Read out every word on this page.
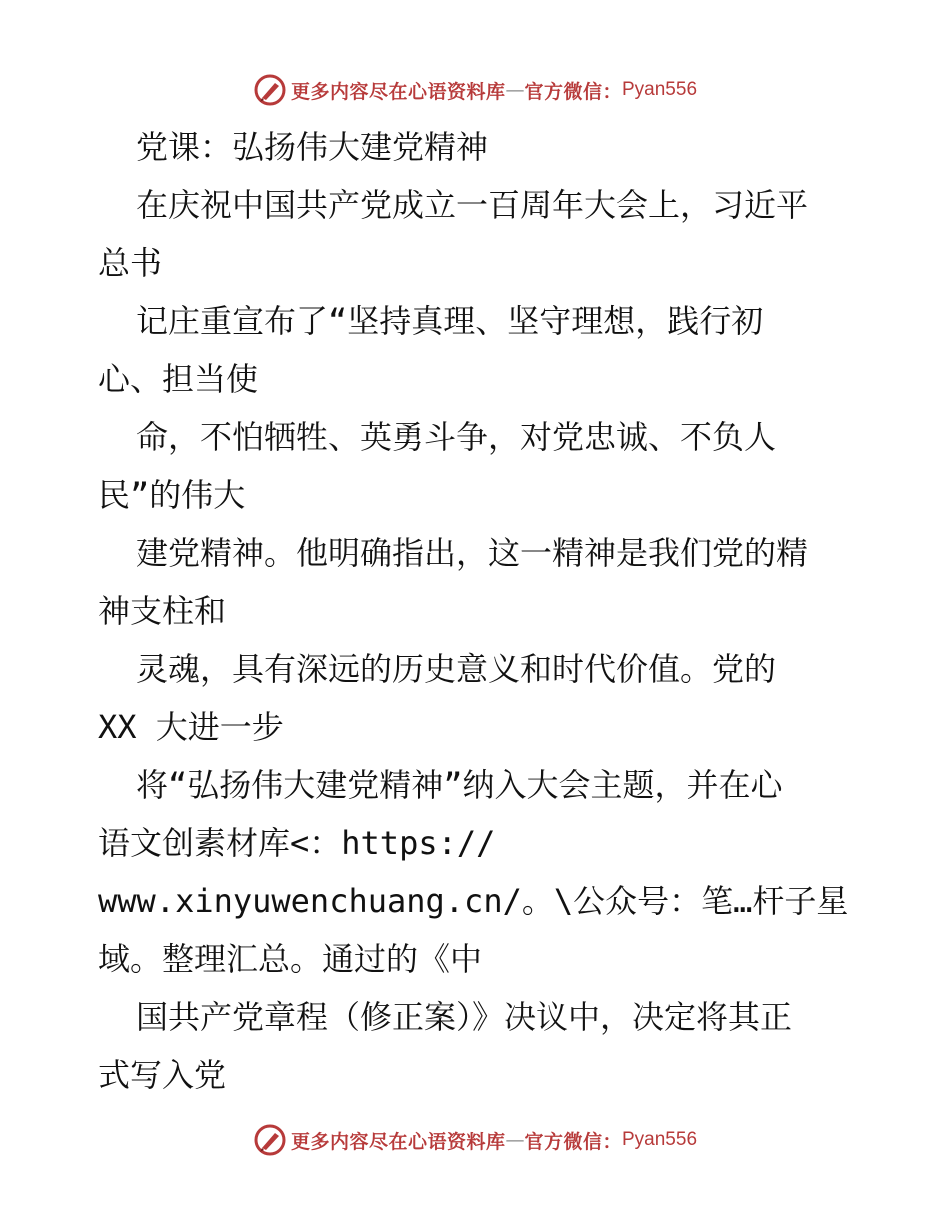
更多内容尽在心语资料库 — 官方微信： Pyan556
党课：弘扬伟大建党精神
在庆祝中国共产党成立一百周年大会上，习近平
总书
记庄重宣布了“坚持真理、坚守理想，践行初
心、担当使
命，不怕牺牲、英勇斗争，对党忠诚、不负人
民”的伟大
建党精神。他明确指出，这一精神是我们党的精
神支柱和
灵魂，具有深远的历史意义和时代价值。党的
XX 大进一步
将“弘扬伟大建党精神”纳入大会主题，并在心
语文创素材库<：https://
www.xinyuwenchuang.cn/。\公众号：笔…杆子星
域。整理汇总。通过的《中
国共产党章程（修正案）》决议中，决定将其正
式写入党
更多内容尽在心语资料库 — 官方微信： Pyan556
